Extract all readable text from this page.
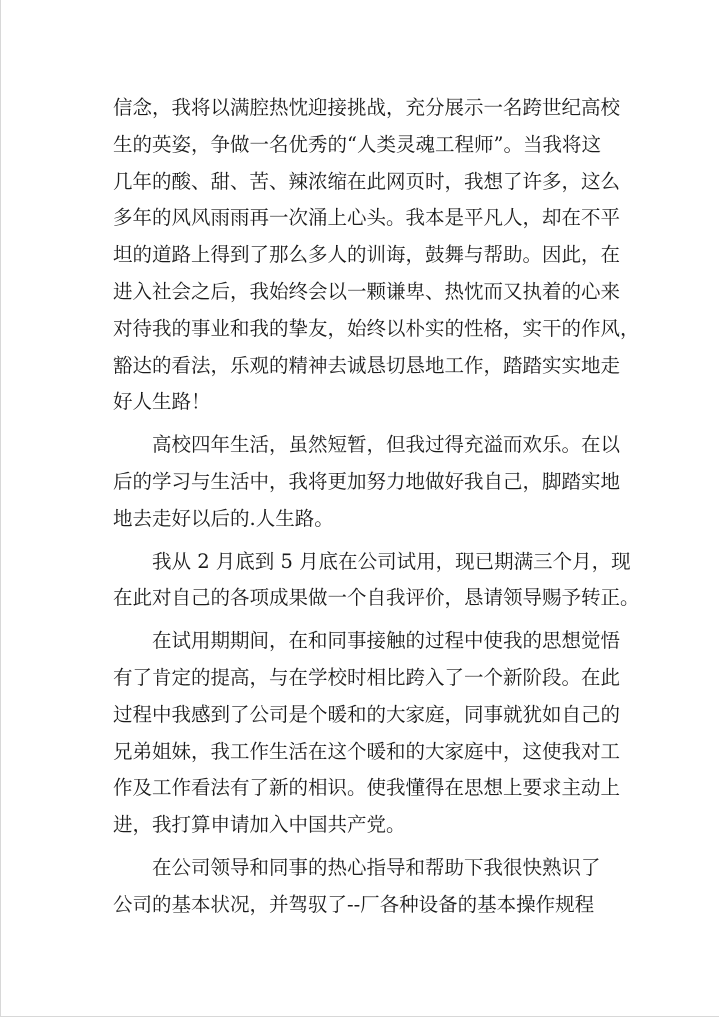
信念，我将以满腔热忱迎接挑战，充分展示一名跨世纪高校
生的英姿，争做一名优秀的“人类灵魂工程师”。当我将这
几年的酸、甜、苦、辣浓缩在此网页时，我想了许多，这么
多年的风风雨雨再一次涌上心头。我本是平凡人，却在不平
坦的道路上得到了那么多人的训诲，鼓舞与帮助。因此，在
进入社会之后，我始终会以一颗谦卑、热忱而又执着的心来
对待我的事业和我的挚友，始终以朴实的性格，实干的作风，
豁达的看法，乐观的精神去诚恳切恳地工作，踏踏实实地走
好人生路！
　　高校四年生活，虽然短暂，但我过得充溢而欢乐。在以
后的学习与生活中，我将更加努力地做好我自己，脚踏实地
地去走好以后的.人生路。
　　我从 2 月底到 5 月底在公司试用，现已期满三个月，现
在此对自己的各项成果做一个自我评价，恳请领导赐予转正。
　　在试用期期间，在和同事接触的过程中使我的思想觉悟
有了肯定的提高，与在学校时相比跨入了一个新阶段。在此
过程中我感到了公司是个暖和的大家庭，同事就犹如自己的
兄弟姐妹，我工作生活在这个暖和的大家庭中，这使我对工
作及工作看法有了新的相识。使我懂得在思想上要求主动上
进，我打算申请加入中国共产党。
　　在公司领导和同事的热心指导和帮助下我很快熟识了
公司的基本状况，并驾驭了--厂各种设备的基本操作规程
